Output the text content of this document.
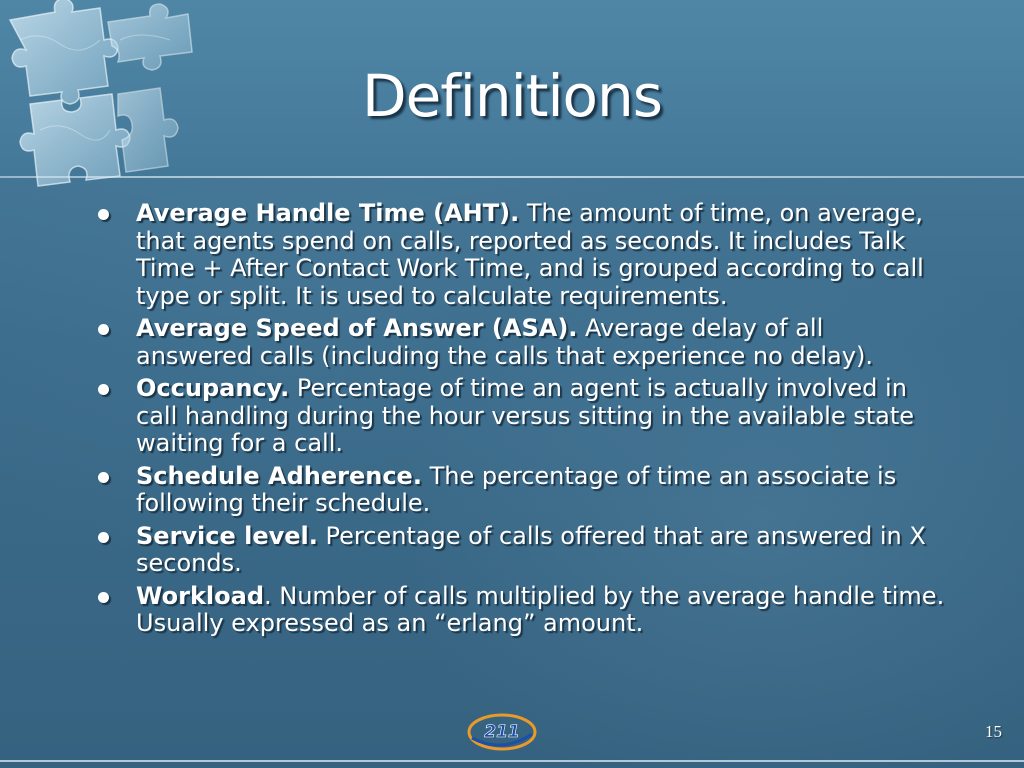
Definitions
Average Handle Time (AHT). The amount of time, on average, that agents spend on calls, reported as seconds. It includes Talk Time + After Contact Work Time, and is grouped according to call type or split. It is used to calculate requirements.
Average Speed of Answer (ASA). Average delay of all answered calls (including the calls that experience no delay).
Occupancy. Percentage of time an agent is actually involved in call handling during the hour versus sitting in the available state waiting for a call.
Schedule Adherence. The percentage of time an associate is following their schedule.
Service level. Percentage of calls offered that are answered in X seconds.
Workload. Number of calls multiplied by the average handle time. Usually expressed as an “erlang” amount.
211	15
